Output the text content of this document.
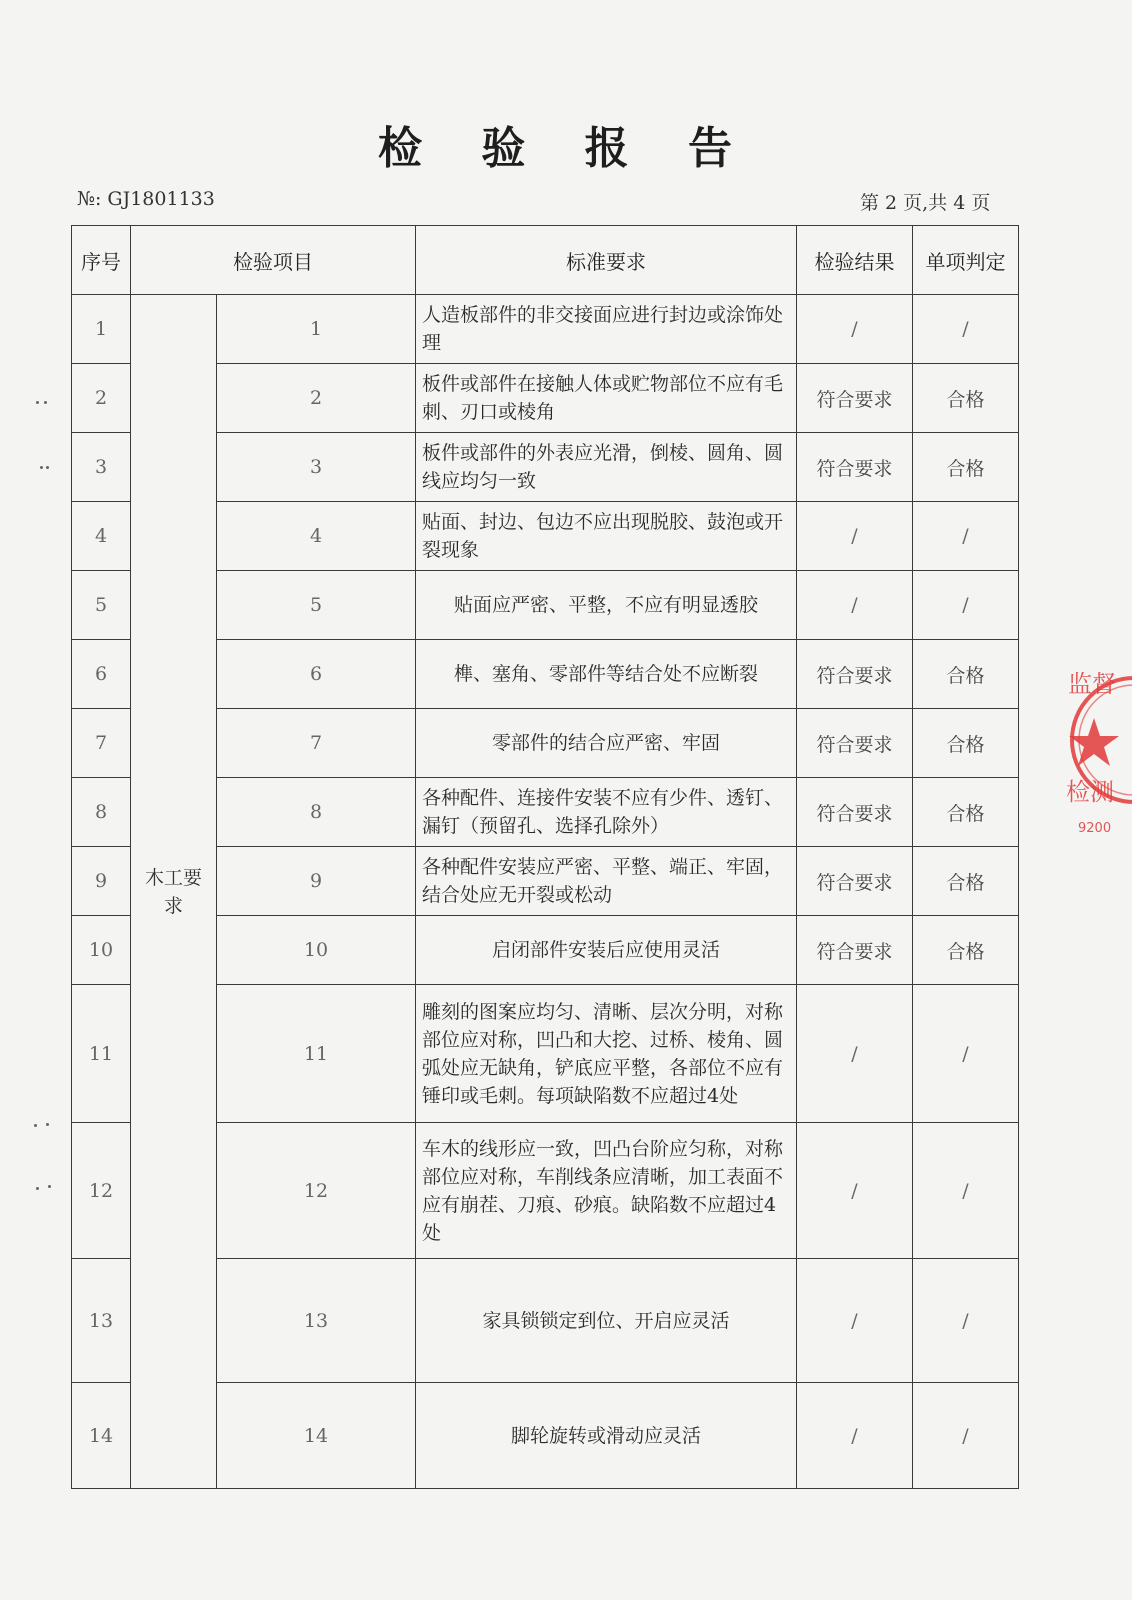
检 验 报 告
№: GJ1801133	第 2 页,共 4 页
序号	检验项目		标准要求	检验结果	单项判定
1	木工要求	1	人造板部件的非交接面应进行封边或涂饰处理	/	/
2		2	板件或部件在接触人体或贮物部位不应有毛刺、刃口或棱角	符合要求	合格
3		3	板件或部件的外表应光滑，倒棱、圆角、圆线应均匀一致	符合要求	合格
4		4	贴面、封边、包边不应出现脱胶、鼓泡或开裂现象	/	/
5		5	贴面应严密、平整，不应有明显透胶	/	/
6		6	榫、塞角、零部件等结合处不应断裂	符合要求	合格
7		7	零部件的结合应严密、牢固	符合要求	合格
8		8	各种配件、连接件安装不应有少件、透钉、漏钉（预留孔、选择孔除外）	符合要求	合格
9		9	各种配件安装应严密、平整、端正、牢固，结合处应无开裂或松动	符合要求	合格
10		10	启闭部件安装后应使用灵活	符合要求	合格
11		11	雕刻的图案应均匀、清晰、层次分明，对称部位应对称，凹凸和大挖、过桥、棱角、圆弧处应无缺角，铲底应平整，各部位不应有锤印或毛刺。每项缺陷数不应超过4处	/	/
12		12	车木的线形应一致，凹凸台阶应匀称，对称部位应对称，车削线条应清晰，加工表面不应有崩茬、刀痕、砂痕。缺陷数不应超过4处	/	/
13		13	家具锁锁定到位、开启应灵活	/	/
14		14	脚轮旋转或滑动应灵活	/	/
监督
检测
9200
